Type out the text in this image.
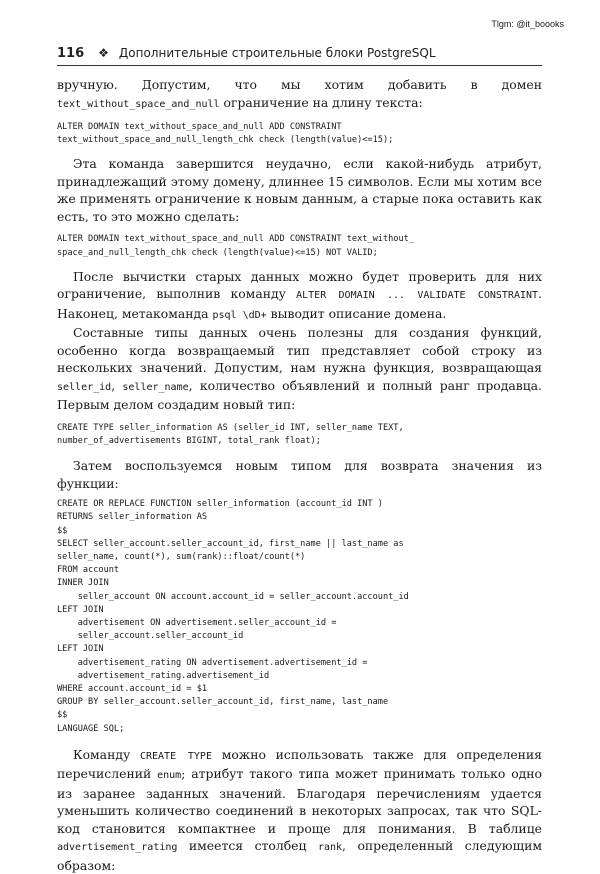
Tlgm: @it_boooks
116 ❖ Дополнительные строительные блоки PostgreSQL

вручную. Допустим, что мы хотим добавить в домен text_without_space_and_null ограничение на длину текста:

ALTER DOMAIN text_without_space_and_null ADD CONSTRAINT
text_without_space_and_null_length_chk check (length(value)<=15);

Эта команда завершится неудачно, если какой-нибудь атрибут, принадлежащий этому домену, длиннее 15 символов. Если мы хотим все же применять ограничение к новым данным, а старые пока оставить как есть, то это можно сделать:

ALTER DOMAIN text_without_space_and_null ADD CONSTRAINT text_without_
space_and_null_length_chk check (length(value)<=15) NOT VALID;

После вычистки старых данных можно будет проверить для них ограничение, выполнив команду ALTER DOMAIN ... VALIDATE CONSTRAINT. Наконец, метакоманда psql \dD+ выводит описание домена.

Составные типы данных очень полезны для создания функций, особенно когда возвращаемый тип представляет собой строку из нескольких значений. Допустим, нам нужна функция, возвращающая seller_id, seller_name, количество объявлений и полный ранг продавца. Первым делом создадим новый тип:

CREATE TYPE seller_information AS (seller_id INT, seller_name TEXT,
number_of_advertisements BIGINT, total_rank float);

Затем воспользуемся новым типом для возврата значения из функции:

CREATE OR REPLACE FUNCTION seller_information (account_id INT )
RETURNS seller_information AS
$$
SELECT seller_account.seller_account_id, first_name || last_name as
seller_name, count(*), sum(rank)::float/count(*)
FROM account
INNER JOIN
seller_account ON account.account_id = seller_account.account_id
LEFT JOIN
advertisement ON advertisement.seller_account_id =
seller_account.seller_account_id
LEFT JOIN
advertisement_rating ON advertisement.advertisement_id =
advertisement_rating.advertisement_id
WHERE account.account_id = $1
GROUP BY seller_account.seller_account_id, first_name, last_name
$$
LANGUAGE SQL;

Команду CREATE TYPE можно использовать также для определения перечислений enum; атрибут такого типа может принимать только одно из заранее заданных значений. Благодаря перечислениям удается уменьшить количество соединений в некоторых запросах, так что SQL-код становится компактнее и проще для понимания. В таблице advertisement_rating имеется столбец rank, определенный следующим образом:
